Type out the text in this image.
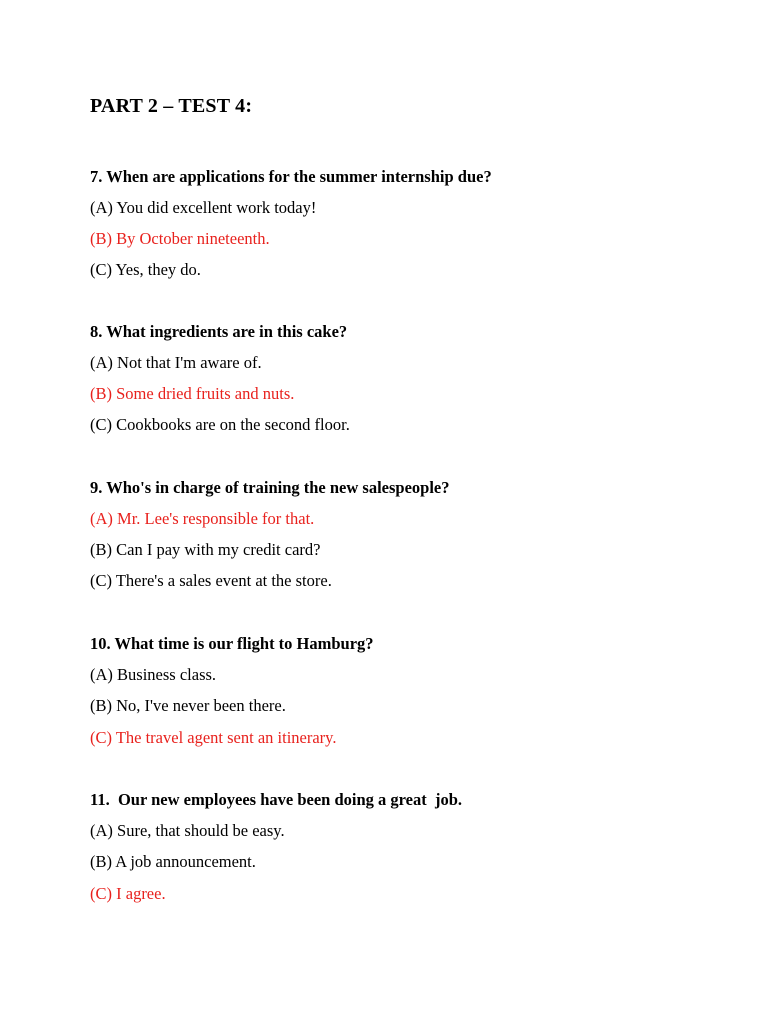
PART 2 – TEST 4:
7. When are applications for the summer internship due?
(A) You did excellent work today!
(B) By October nineteenth.
(C) Yes, they do.
8. What ingredients are in this cake?
(A) Not that I'm aware of.
(B) Some dried fruits and nuts.
(C) Cookbooks are on the second floor.
9. Who's in charge of training the new salespeople?
(A) Mr. Lee's responsible for that.
(B) Can I pay with my credit card?
(C) There's a sales event at the store.
10. What time is our flight to Hamburg?
(A) Business class.
(B) No, I've never been there.
(C) The travel agent sent an itinerary.
11.  Our new employees have been doing a great  job.
(A) Sure, that should be easy.
(B) A job announcement.
(C) I agree.
